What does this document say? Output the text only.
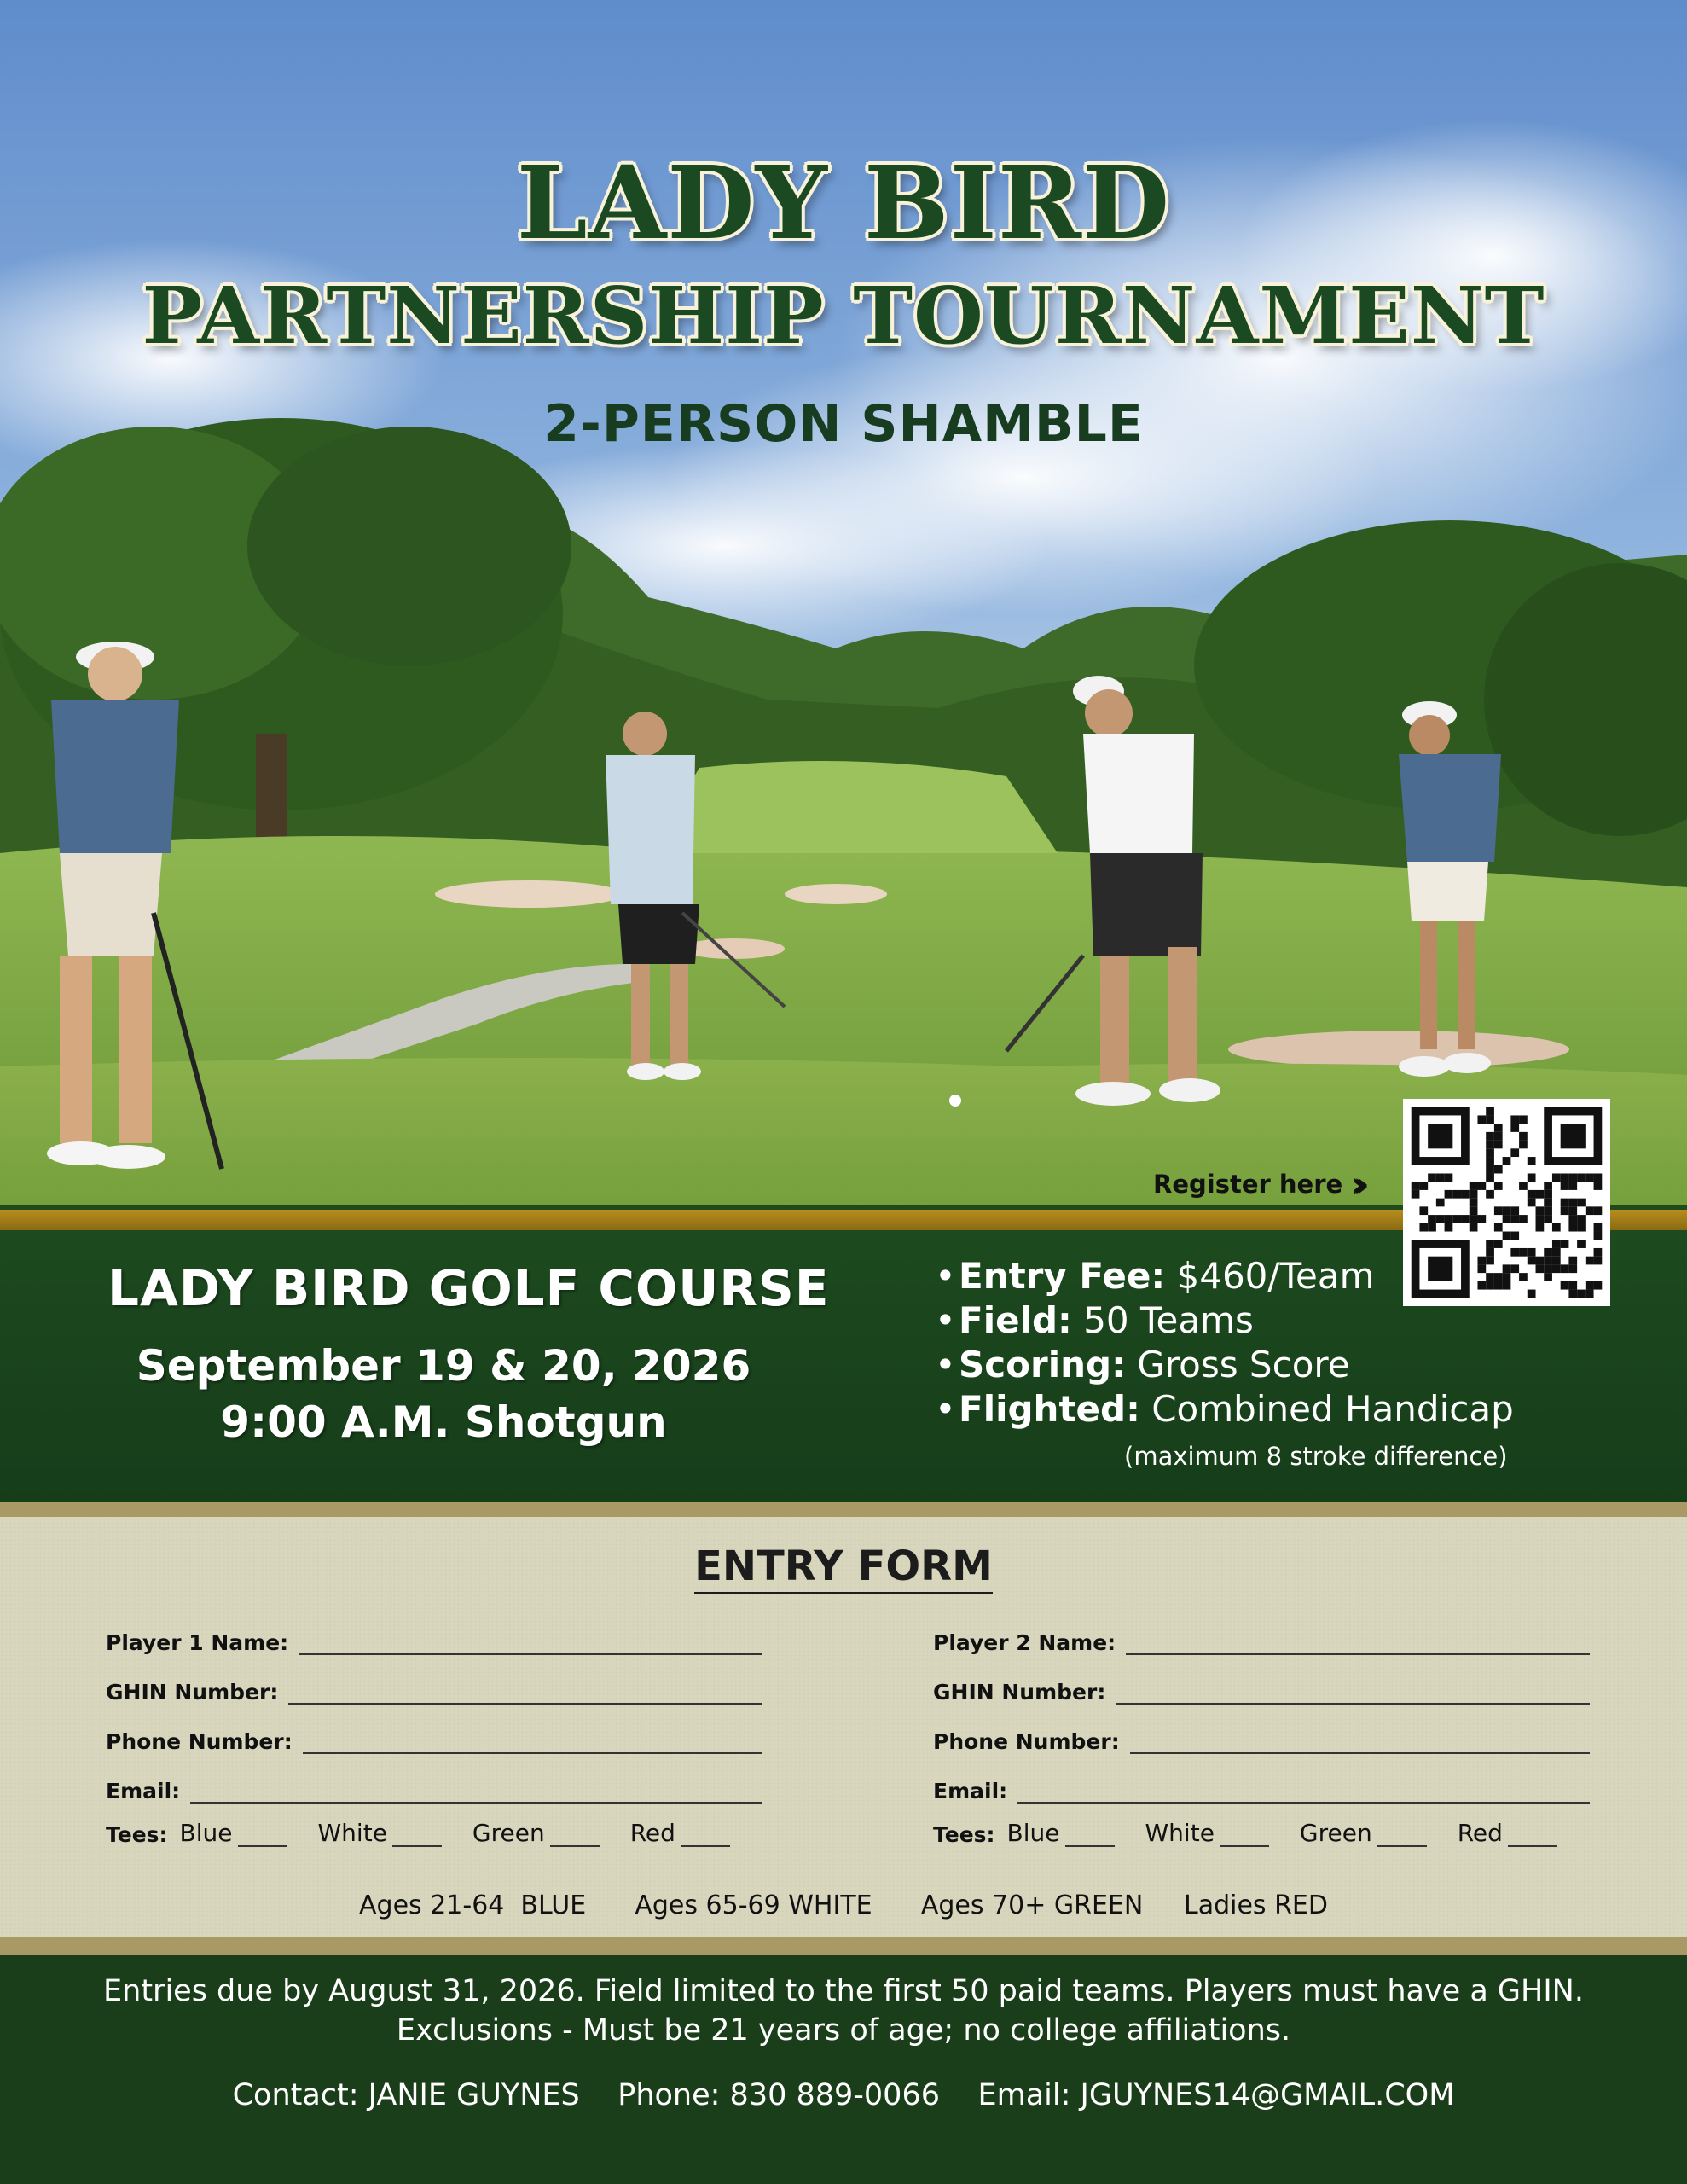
LADY BIRD
PARTNERSHIP TOURNAMENT
2-PERSON SHAMBLE
Register here ›››
LADY BIRD GOLF COURSE
September 19 & 20, 2026
9:00 A.M. Shotgun
•Entry Fee: $460/Team
•Field: 50 Teams
•Scoring: Gross Score
•Flighted: Combined Handicap
(maximum 8 stroke difference)
ENTRY FORM
Player 1 Name:
GHIN Number:
Phone Number:
Email:
Tees: Blue	White	Green	Red
Player 2 Name:
GHIN Number:
Phone Number:
Email:
Tees: Blue	White	Green	Red
Ages 21-64  BLUE      Ages 65-69 WHITE      Ages 70+ GREEN     Ladies RED
Entries due by August 31, 2026. Field limited to the first 50 paid teams. Players must have a GHIN.
Exclusions - Must be 21 years of age; no college affiliations.
Contact: JANIE GUYNES    Phone: 830 889-0066    Email: JGUYNES14@GMAIL.COM
